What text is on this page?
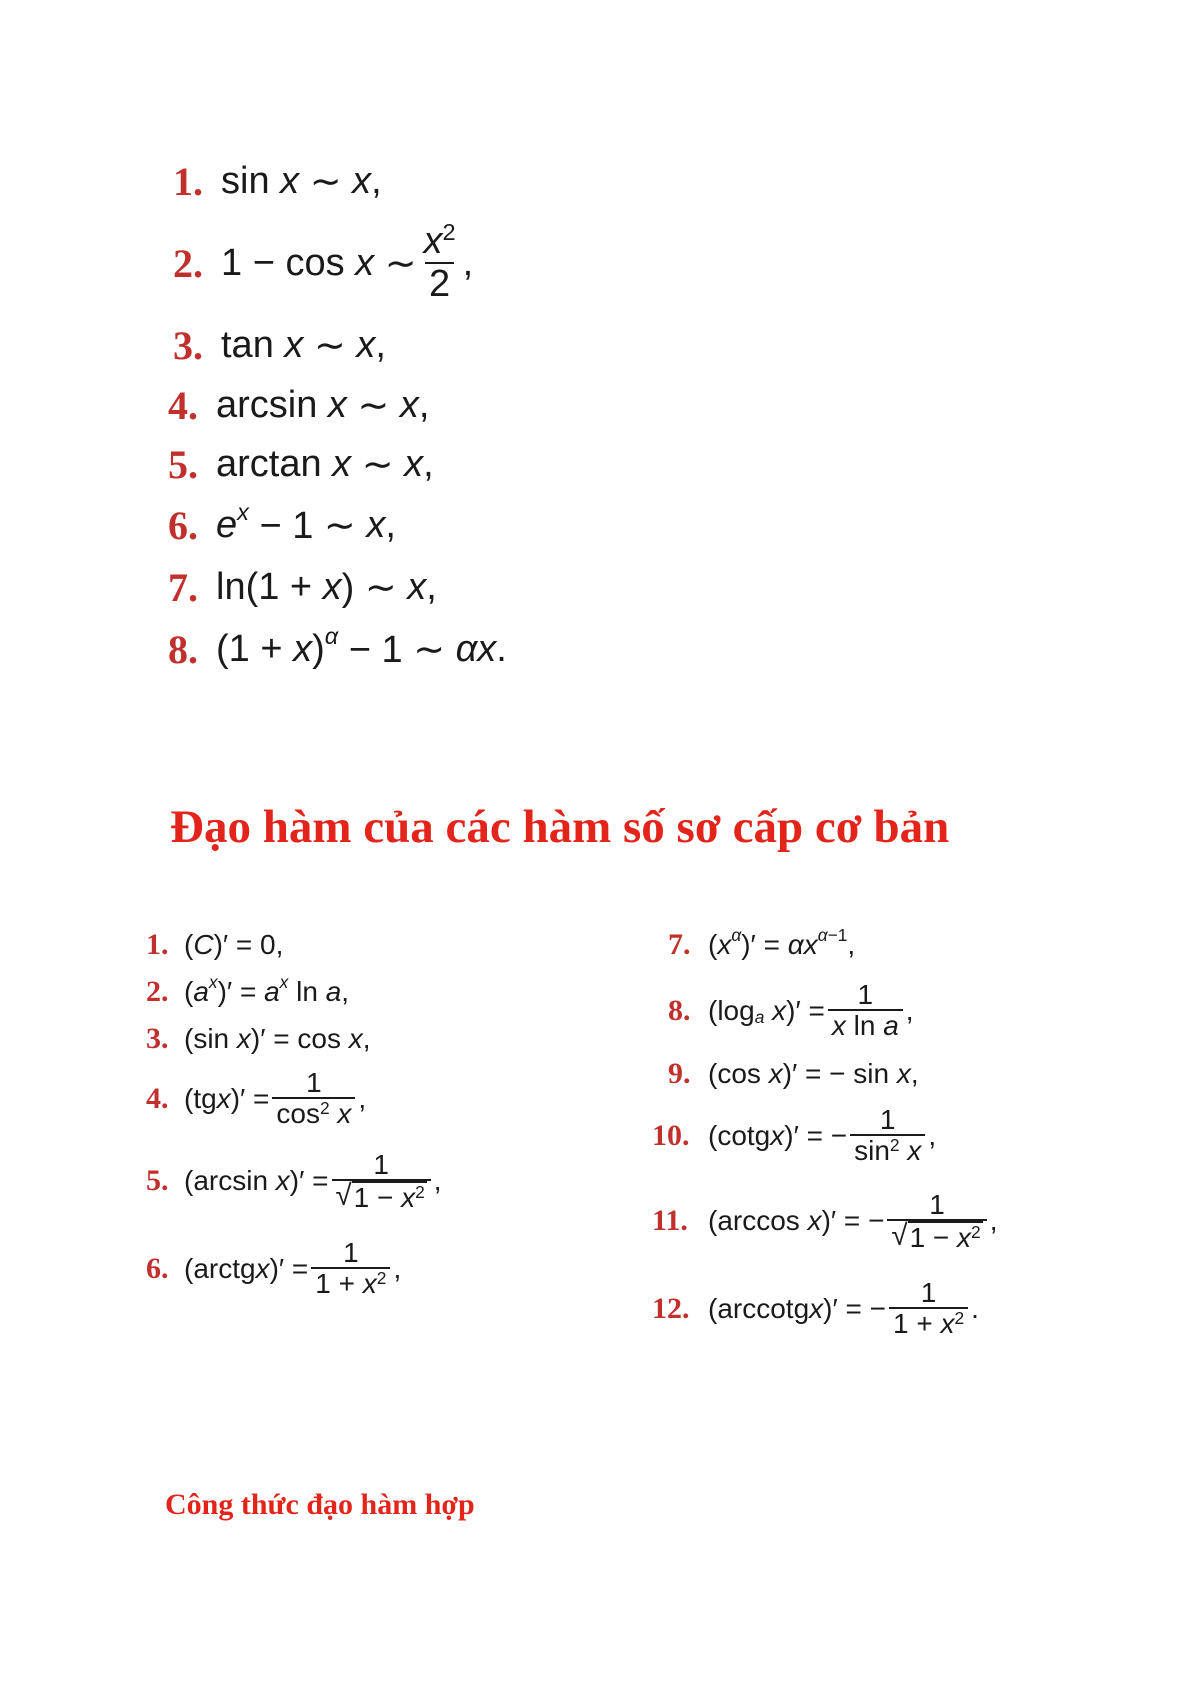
1. sin x ∼ x ,
2. 1 − cos x ∼ $\frac{x^2}{2}$ ,
3. tan x ∼ x ,
4. arcsin x ∼ x ,
5. arctan x ∼ x ,
6. $e^x - 1$ ∼ x ,
7. ln(1 + x ) ∼ x ,
8. (1 + x )$^\alpha$ − 1 ∼ αx .
Đạo hàm của các hàm số sơ cấp cơ bản
1. ( C )′ = 0,
2. ( $a^x$ )′ = $a^x$ ln a ,
3. (sin x )′ = cos x ,
4. (tg x )′ = $\frac{1}{\cos^2 x}$ ,
5. (arcsin x )′ = $\frac{1}{√ 1 - x^2}$ ,
6. (arctg x )′ = $\frac{1}{1 + x^2}$ ,
7. ( $x^\alpha$ )′ = αx $^{\alpha-1}$ ,
8. ($\log_a$
x )′ = $\frac{1}{\text{x ln a}}$ ,
9. (cos x )′ = − sin x ,
10. (cotg x )′ = − $\frac{1}{\sin^2 x}$ ,
11. (arccos x )′ = − $\frac{1}{√ 1 - x^2}$ ,
12. (arccotg x )′ = − $\frac{1}{1 + x^2}$ .
Công thức đạo hàm hợp
